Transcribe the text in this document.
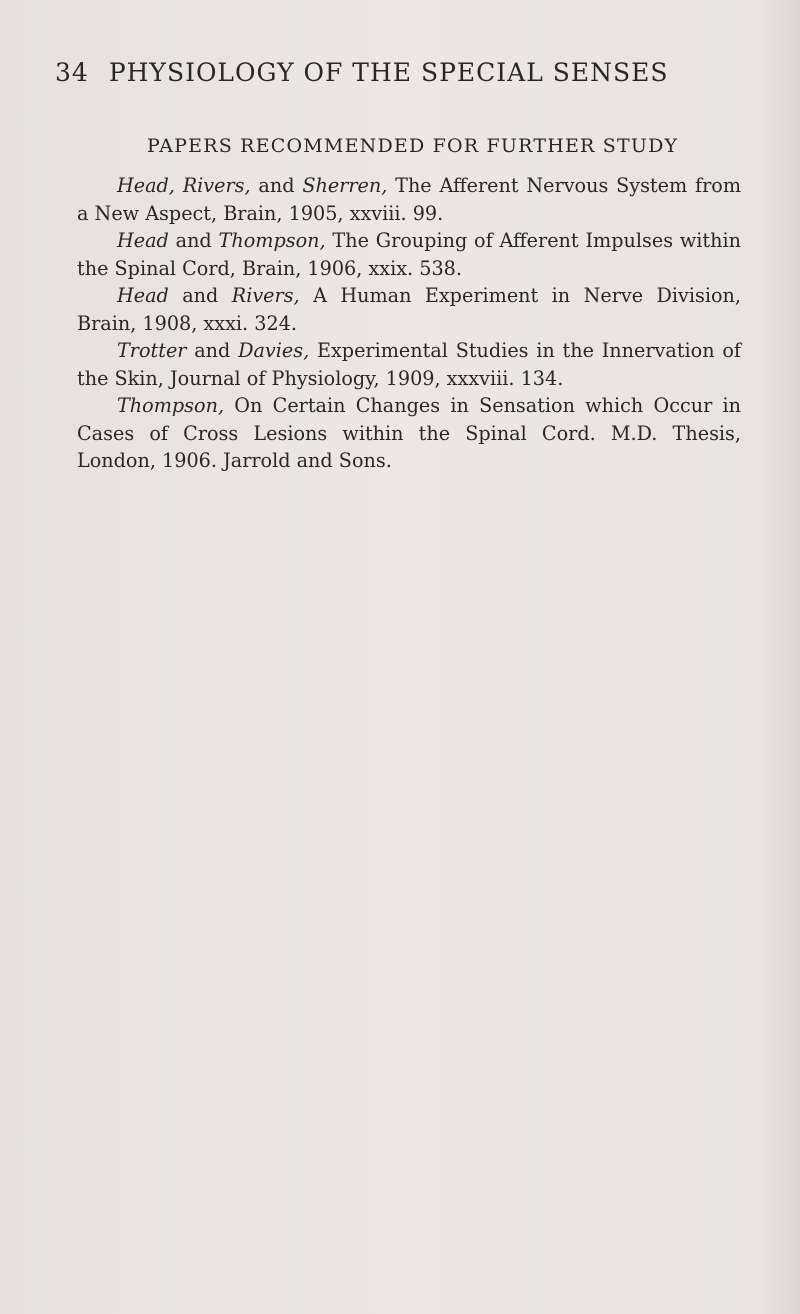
34 PHYSIOLOGY OF THE SPECIAL SENSES
PAPERS RECOMMENDED FOR FURTHER STUDY

Head, Rivers, and Sherren, The Afferent Nervous System from a New Aspect, Brain, 1905, xxviii. 99.

Head and Thompson, The Grouping of Afferent Impulses within the Spinal Cord, Brain, 1906, xxix. 538.

Head and Rivers, A Human Experiment in Nerve Division, Brain, 1908, xxxi. 324.

Trotter and Davies, Experimental Studies in the Innervation of the Skin, Journal of Physiology, 1909, xxxviii. 134.

Thompson, On Certain Changes in Sensation which Occur in Cases of Cross Lesions within the Spinal Cord. M.D. Thesis, London, 1906. Jarrold and Sons.
